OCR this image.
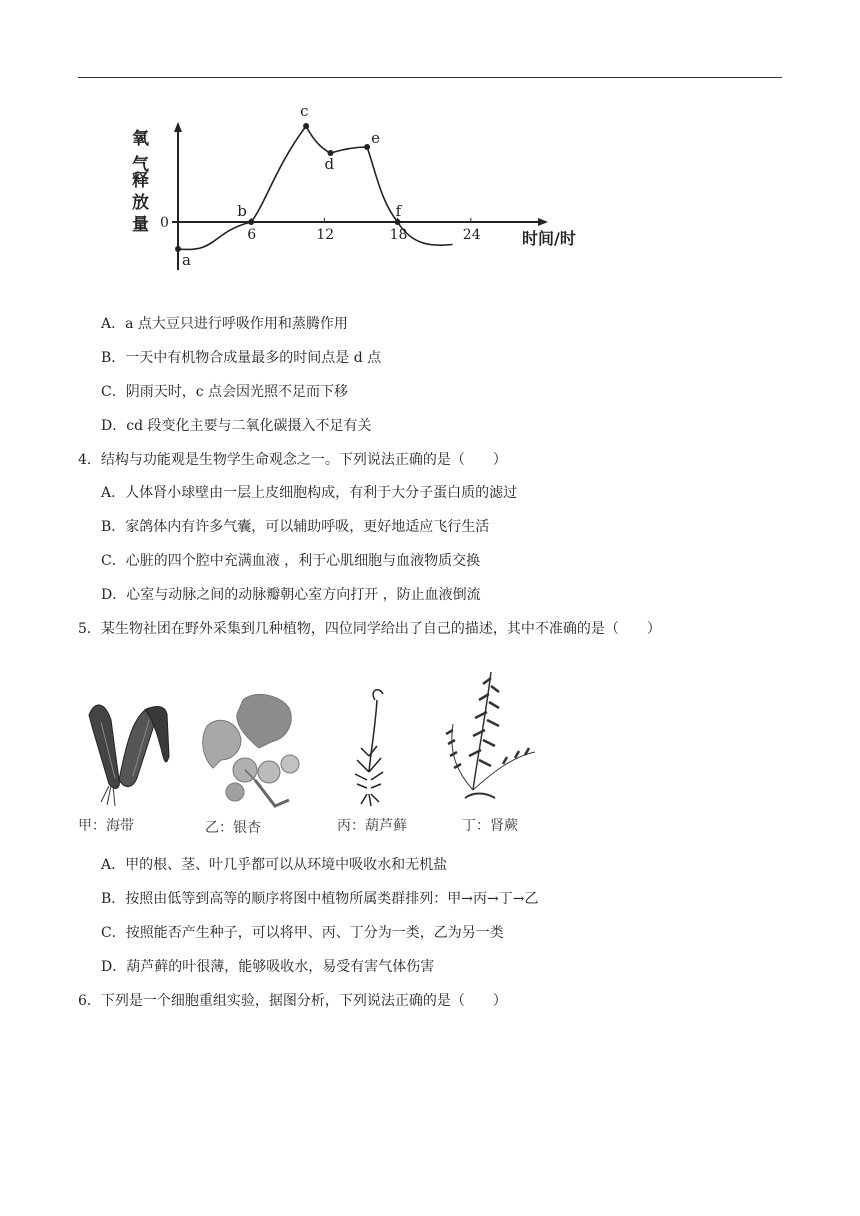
氧
气
释
放
量 0
6	12	18	24	时间/时
a
b
c
d
e
f
A．a 点大豆只进行呼吸作用和蒸腾作用
B．一天中有机物合成量最多的时间点是 d 点
C．阴雨天时，c 点会因光照不足而下移
D．cd 段变化主要与二氧化碳摄入不足有关
4．结构与功能观是生物学生命观念之一。下列说法正确的是（　　）
A．人体肾小球壁由一层上皮细胞构成，有利于大分子蛋白质的滤过
B．家鸽体内有许多气囊，可以辅助呼吸，更好地适应飞行生活
C．心脏的四个腔中充满血液 ，利于心肌细胞与血液物质交换
D．心室与动脉之间的动脉瓣朝心室方向打开 ，防止血液倒流
5．某生物社团在野外采集到几种植物，四位同学给出了自己的描述，其中不准确的是（　　）
甲：海带	乙：银杏	丙：葫芦藓	丁：肾蕨
A．甲的根、茎、叶几乎都可以从环境中吸收水和无机盐
B．按照由低等到高等的顺序将图中植物所属类群排列：甲→丙→丁→乙
C．按照能否产生种子，可以将甲、丙、丁分为一类，乙为另一类
D．葫芦藓的叶很薄，能够吸收水，易受有害气体伤害
6．下列是一个细胞重组实验，据图分析，下列说法正确的是（　　）
